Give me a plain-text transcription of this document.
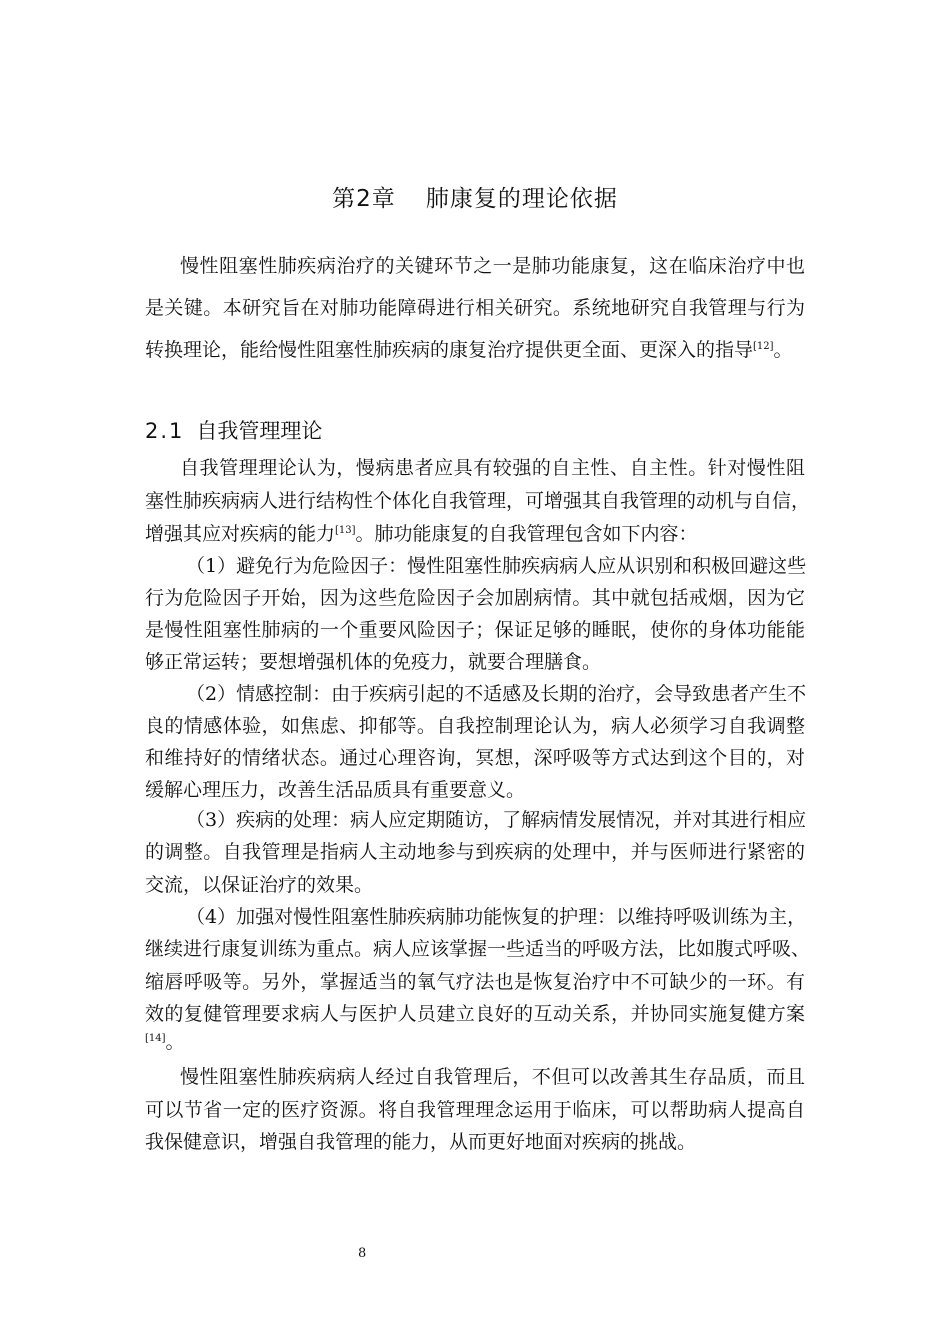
第2章 肺康复的理论依据
慢性阻塞性肺疾病治疗的关键环节之一是肺功能康复，这在临床治疗中也
是关键。本研究旨在对肺功能障碍进行相关研究。系统地研究自我管理与行为
转换理论，能给慢性阻塞性肺疾病的康复治疗提供更全面、更深入的指导[12]。
2.1 自我管理理论
自我管理理论认为，慢病患者应具有较强的自主性、自主性。针对慢性阻
塞性肺疾病病人进行结构性个体化自我管理，可增强其自我管理的动机与自信，
增强其应对疾病的能力[13]。肺功能康复的自我管理包含如下内容：
（1）避免行为危险因子：慢性阻塞性肺疾病病人应从识别和积极回避这些
行为危险因子开始，因为这些危险因子会加剧病情。其中就包括戒烟，因为它
是慢性阻塞性肺病的一个重要风险因子；保证足够的睡眠，使你的身体功能能
够正常运转；要想增强机体的免疫力，就要合理膳食。
（2）情感控制：由于疾病引起的不适感及长期的治疗，会导致患者产生不
良的情感体验，如焦虑、抑郁等。自我控制理论认为，病人必须学习自我调整
和维持好的情绪状态。通过心理咨询，冥想，深呼吸等方式达到这个目的，对
缓解心理压力，改善生活品质具有重要意义。
（3）疾病的处理：病人应定期随访，了解病情发展情况，并对其进行相应
的调整。自我管理是指病人主动地参与到疾病的处理中，并与医师进行紧密的
交流，以保证治疗的效果。
（4）加强对慢性阻塞性肺疾病肺功能恢复的护理：以维持呼吸训练为主，
继续进行康复训练为重点。病人应该掌握一些适当的呼吸方法，比如腹式呼吸、
缩唇呼吸等。另外，掌握适当的氧气疗法也是恢复治疗中不可缺少的一环。有
效的复健管理要求病人与医护人员建立良好的互动关系，并协同实施复健方案
[14]。
慢性阻塞性肺疾病病人经过自我管理后，不但可以改善其生存品质，而且
可以节省一定的医疗资源。将自我管理理念运用于临床，可以帮助病人提高自
我保健意识，增强自我管理的能力，从而更好地面对疾病的挑战。
8
